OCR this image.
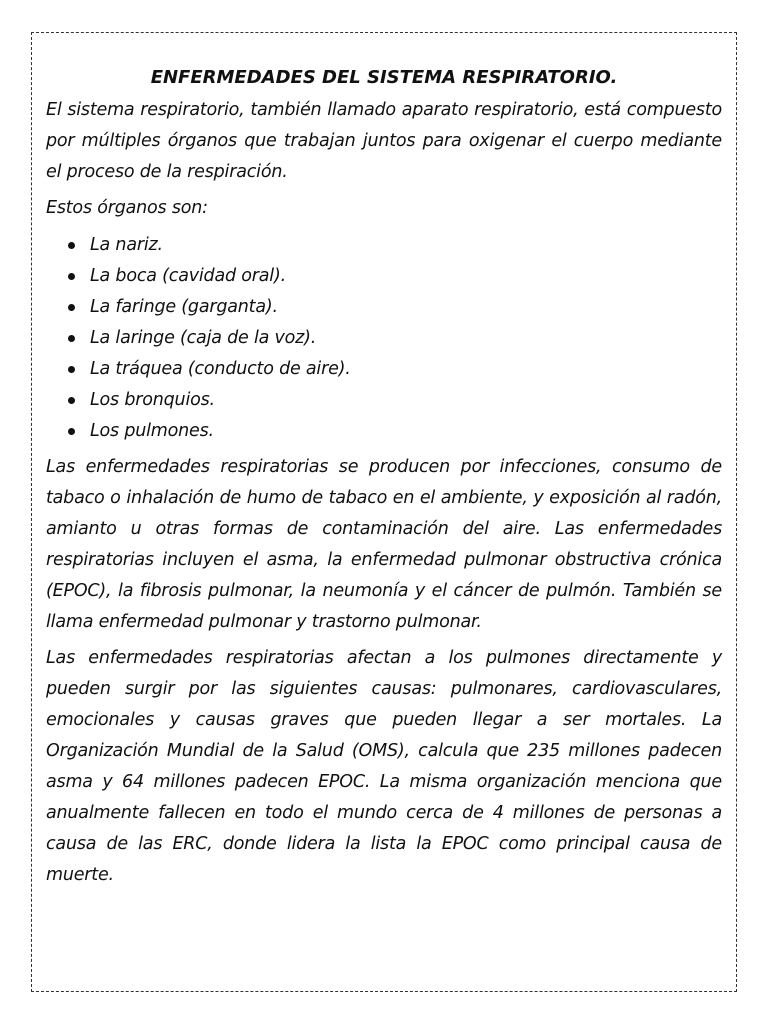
ENFERMEDADES DEL SISTEMA RESPIRATORIO.

El sistema respiratorio, también llamado aparato respiratorio, está compuesto por múltiples órganos que trabajan juntos para oxigenar el cuerpo mediante el proceso de la respiración.

Estos órganos son:

La nariz.
La boca (cavidad oral).
La faringe (garganta).
La laringe (caja de la voz).
La tráquea (conducto de aire).
Los bronquios.
Los pulmones.

Las enfermedades respiratorias se producen por infecciones, consumo de tabaco o inhalación de humo de tabaco en el ambiente, y exposición al radón, amianto u otras formas de contaminación del aire. Las enfermedades respiratorias incluyen el asma, la enfermedad pulmonar obstructiva crónica (EPOC), la fibrosis pulmonar, la neumonía y el cáncer de pulmón. También se llama enfermedad pulmonar y trastorno pulmonar.

Las enfermedades respiratorias afectan a los pulmones directamente y pueden surgir por las siguientes causas: pulmonares, cardiovasculares, emocionales y causas graves que pueden llegar a ser mortales. La Organización Mundial de la Salud (OMS), calcula que 235 millones padecen asma y 64 millones padecen EPOC. La misma organización menciona que anualmente fallecen en todo el mundo cerca de 4 millones de personas a causa de las ERC, donde lidera la lista la EPOC como principal causa de muerte.
